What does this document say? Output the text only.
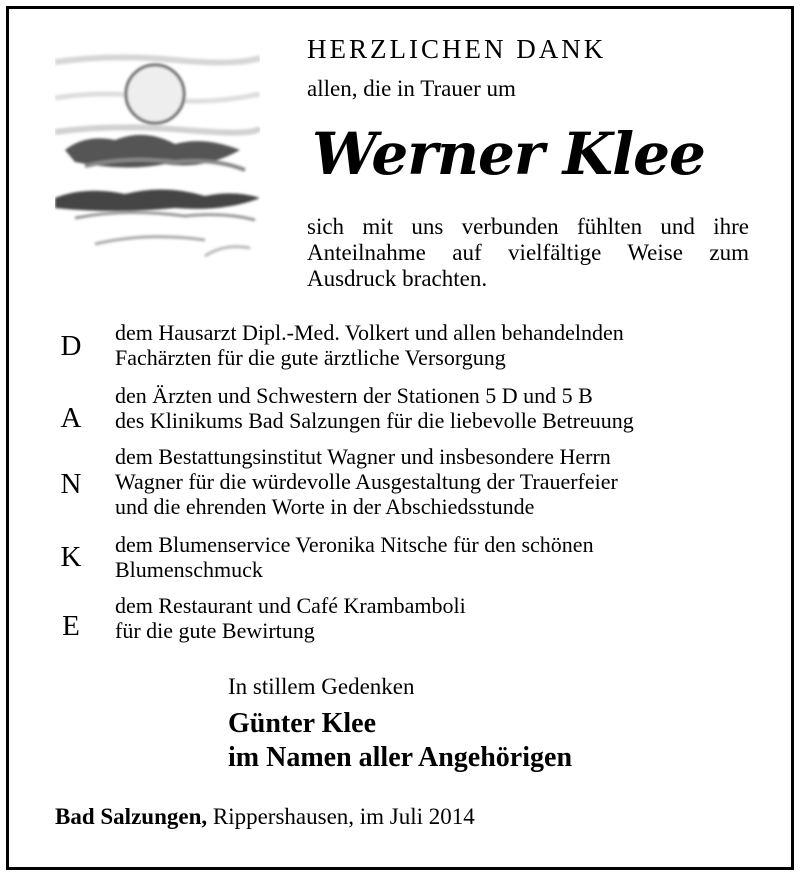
HERZLICHEN DANK
allen, die in Trauer um
Werner Klee
sich mit uns verbunden fühlten und ihre Anteilnahme auf vielfältige Weise zum Ausdruck brachten.
D dem Hausarzt Dipl.-Med. Volkert und allen behandelnden
Fachärzten für die gute ärztliche Versorgung
A
den Ärzten und Schwestern der Stationen 5 D und 5 B
des Klinikums Bad Salzungen für die liebevolle Betreuung
N
dem Bestattungsinstitut Wagner und insbesondere Herrn
Wagner für die würdevolle Ausgestaltung der Trauerfeier
und die ehrenden Worte in der Abschiedsstunde
K dem Blumenservice Veronika Nitsche für den schönen
Blumenschmuck
E
dem Restaurant und Café Krambamboli
für die gute Bewirtung
In stillem Gedenken
Günter Klee
im Namen aller Angehörigen
Bad Salzungen, Rippershausen, im Juli 2014
